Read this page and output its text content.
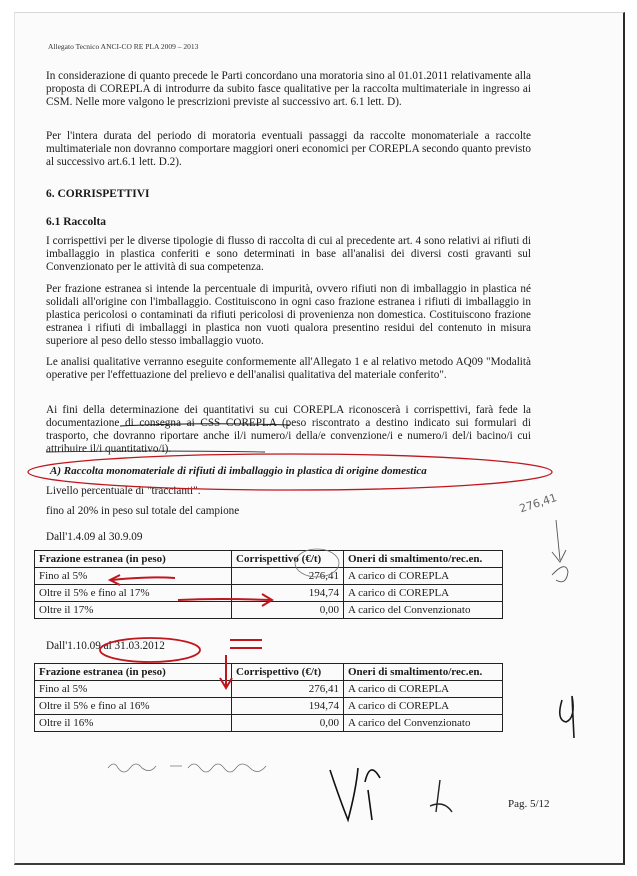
Allegato Tecnico ANCI-CO RE PLA 2009 – 2013
In considerazione di quanto precede le Parti concordano una moratoria sino al 01.01.2011 relativamente alla proposta di COREPLA di introdurre da subito fasce qualitative per la raccolta multimateriale in ingresso ai CSM. Nelle more valgono le prescrizioni previste al successivo art. 6.1 lett. D).
Per l'intera durata del periodo di moratoria eventuali passaggi da raccolte monomateriale a raccolte multimateriale non dovranno comportare maggiori oneri economici per COREPLA secondo quanto previsto al successivo art.6.1 lett. D.2).
6. CORRISPETTIVI
6.1 Raccolta
I corrispettivi per le diverse tipologie di flusso di raccolta di cui al precedente art. 4 sono relativi ai rifiuti di imballaggio in plastica conferiti e sono determinati in base all'analisi dei diversi costi gravanti sul Convenzionato per le attività di sua competenza.
Per frazione estranea si intende la percentuale di impurità, ovvero rifiuti non di imballaggio in plastica né solidali all'origine con l'imballaggio. Costituiscono in ogni caso frazione estranea i rifiuti di imballaggio in plastica pericolosi o contaminati da rifiuti pericolosi di provenienza non domestica. Costituiscono frazione estranea i rifiuti di imballaggi in plastica non vuoti qualora presentino residui del contenuto in misura superiore al peso dello stesso imballaggio vuoto.
Le analisi qualitative verranno eseguite conformemente all'Allegato 1 e al relativo metodo AQ09 "Modalità operative per l'effettuazione del prelievo e dell'analisi qualitativa del materiale conferito".
Ai fini della determinazione dei quantitativi su cui COREPLA riconoscerà i corrispettivi, farà fede la documentazione di consegna ai CSS COREPLA (peso riscontrato a destino indicato sui formulari di trasporto, che dovranno riportare anche il/i numero/i della/e convenzione/i e numero/i del/i bacino/i cui attribuire il/i quantitativo/i).
A) Raccolta monomateriale di rifiuti di imballaggio in plastica di origine domestica
Livello percentuale di "traccianti".
fino al 20% in peso sul totale del campione
Dall'1.4.09 al 30.9.09
Frazione estranea (in peso)	Corrispettivo (€/t)	Oneri di smaltimento/rec.en.
Fino al 5%	276,41	A carico di COREPLA
Oltre il 5% e fino al 17%	194,74	A carico di COREPLA
Oltre il 17%	0,00	A carico del Convenzionato
Dall'1.10.09 al 31.03.2012
Frazione estranea (in peso)	Corrispettivo (€/t)	Oneri di smaltimento/rec.en.
Fino al 5%	276,41	A carico di COREPLA
Oltre il 5% e fino al 16%	194,74	A carico di COREPLA
Oltre il 16%	0,00	A carico del Convenzionato
Pag. 5/12
276,41
Come uno = frazione realizzata
